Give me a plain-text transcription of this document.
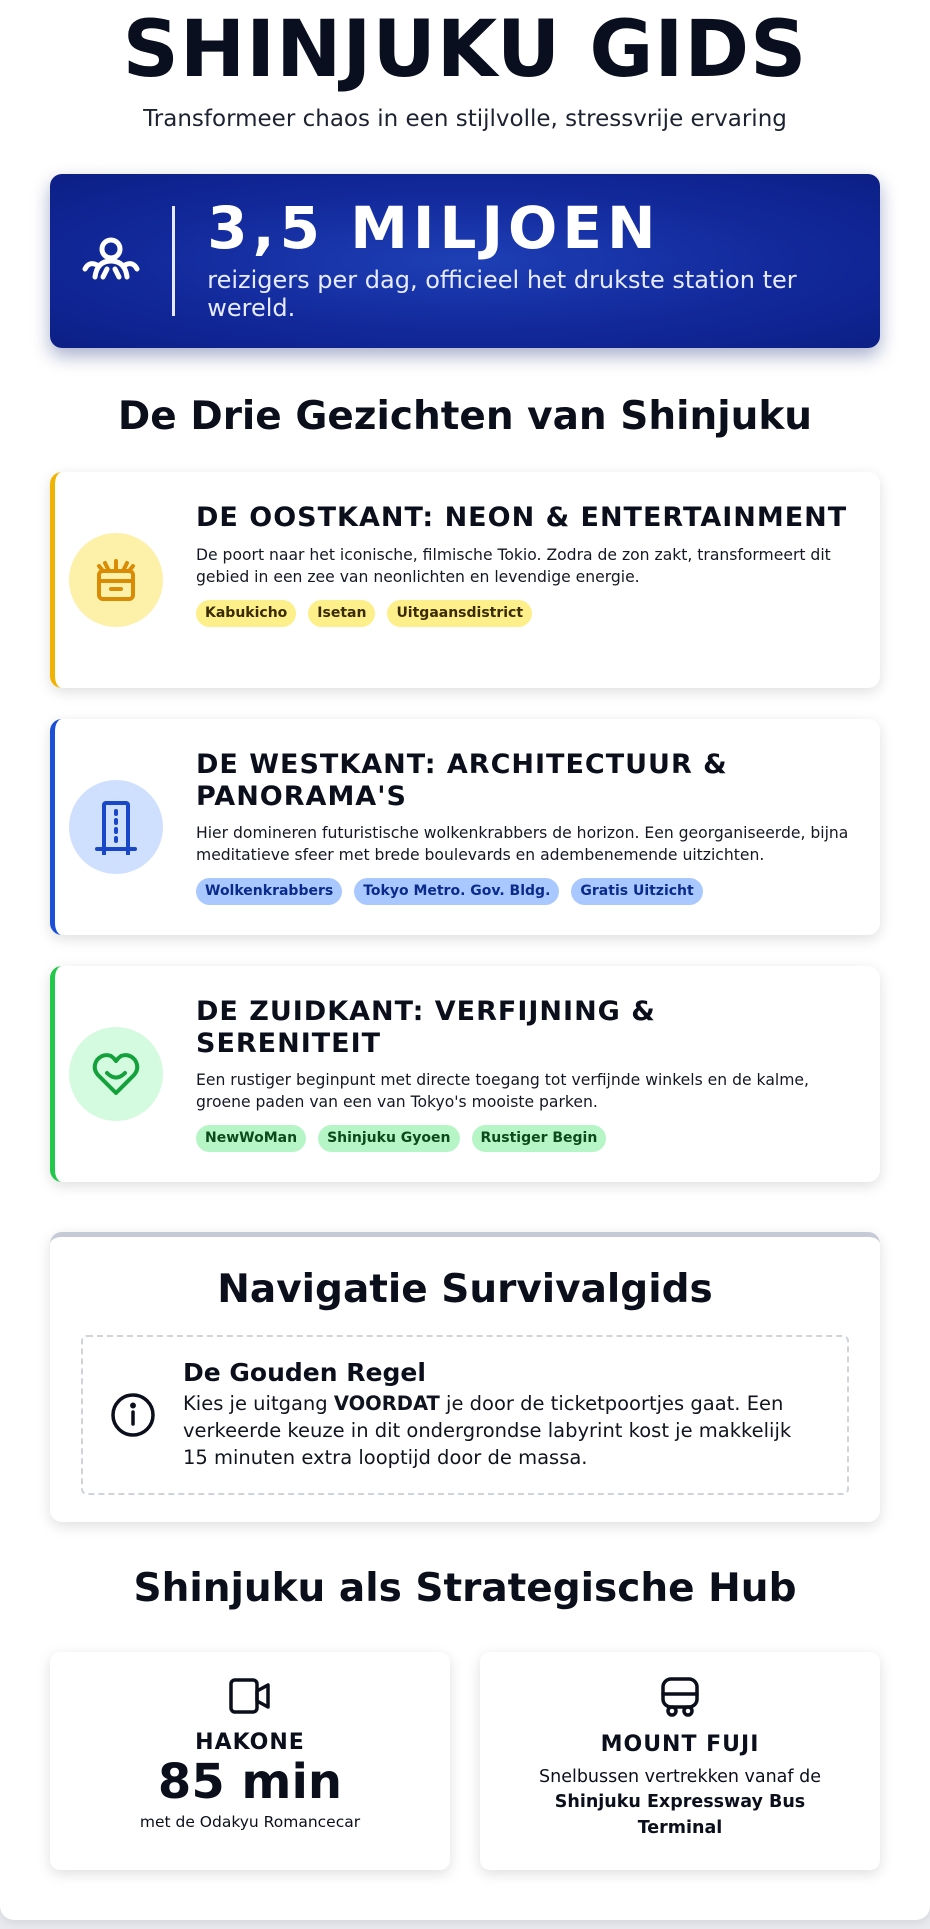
SHINJUKU GIDS
Transformeer chaos in een stijlvolle, stressvrije ervaring
3,5 MILJOEN
reizigers per dag, officieel het drukste station ter wereld.
De Drie Gezichten van Shinjuku
DE OOSTKANT: NEON & ENTERTAINMENT

De poort naar het iconische, filmische Tokio. Zodra de zon zakt, transformeert dit gebied in een zee van neonlichten en levendige energie.

Kabukicho	Isetan	Uitgaansdistrict
DE WESTKANT: ARCHITECTUUR & PANORAMA'S

Hier domineren futuristische wolkenkrabbers de horizon. Een georganiseerde, bijna meditatieve sfeer met brede boulevards en adembenemende uitzichten.

Wolkenkrabbers	Tokyo Metro. Gov. Bldg.	Gratis Uitzicht
DE ZUIDKANT: VERFIJNING & SERENITEIT

Een rustiger beginpunt met directe toegang tot verfijnde winkels en de kalme, groene paden van een van Tokyo's mooiste parken.

NewWoMan	Shinjuku Gyoen	Rustiger Begin
Navigatie Survivalgids
De Gouden Regel

Kies je uitgang VOORDAT je door de ticketpoortjes gaat. Een verkeerde keuze in dit ondergrondse labyrint kost je makkelijk 15 minuten extra looptijd door de massa.

Shinjuku als Strategische Hub
HAKONE
85 min
met de Odakyu Romancecar
MOUNT FUJI
Snelbussen vertrekken vanaf de
Shinjuku Expressway Bus Terminal
